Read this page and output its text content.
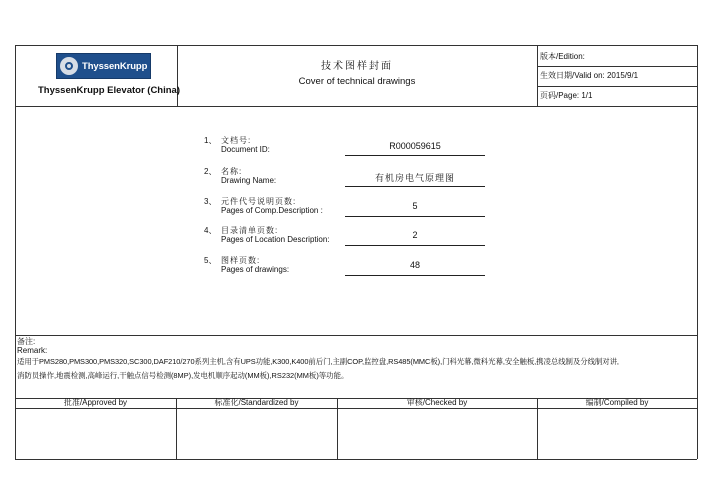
ThyssenKrupp
ThyssenKrupp Elevator (China)
技术图样封面
Cover of technical drawings
版本/Edition:
生效日期/Valid on: 2015/9/1
页码/Page: 1/1
1、 文档号:
Document ID:	R000059615
2、 名称:
Drawing Name:	有机房电气原理图
3、 元件代号说明页数:
Pages of Comp.Description :	5
4、 目录清单页数:
Pages of Location Description:	2
5、 图样页数:
Pages of drawings:	48
备注:
Remark:
适用于PMS280,PMS300,PMS320,SC300,DAF210/270系列主机,含有UPS功能,K300,K400前后门,主副COP,监控盘,RS485(MMC板),门科光幕,微科光幕,安全触板,携凌总线制及分线制对讲,
消防员操作,地震检测,高峰运行,干触点信号检测(8MP),发电机顺序起动(MM板),RS232(MM板)等功能。
批准/Approved by	标准化/Standardized by	审核/Checked by	编制/Compiled by
